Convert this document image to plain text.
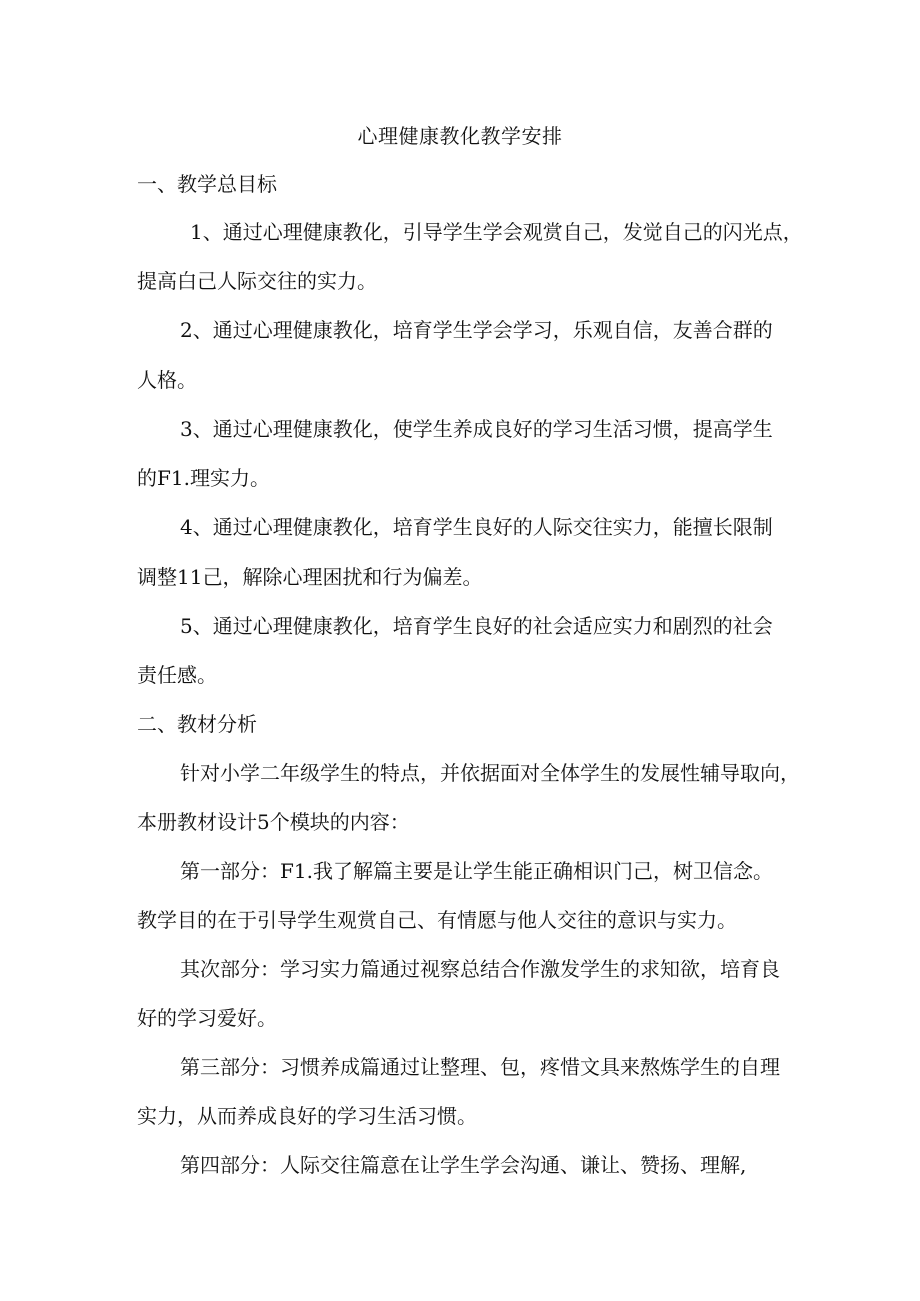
心理健康教化教学安排
一、教学总目标
1、通过心理健康教化，引导学生学会观赏自己，发觉自己的闪光点，
提高白己人际交往的实力。
2、通过心理健康教化，培育学生学会学习，乐观自信，友善合群的
人格。
3、通过心理健康教化，使学生养成良好的学习生活习惯，提高学生
的F1.理实力。
4、通过心理健康教化，培育学生良好的人际交往实力，能擅长限制
调整11己，解除心理困扰和行为偏差。
5、通过心理健康教化，培育学生良好的社会适应实力和剧烈的社会
责任感。
二、教材分析
针对小学二年级学生的特点，并依据面对全体学生的发展性辅导取向，
本册教材设计5个模块的内容：
第一部分：F1.我了解篇主要是让学生能正确相识门己，树卫信念。
教学目的在于引导学生观赏自己、有情愿与他人交往的意识与实力。
其次部分：学习实力篇通过视察总结合作激发学生的求知欲，培育良
好的学习爱好。
第三部分：习惯养成篇通过让整理、包，疼惜文具来熬炼学生的自理
实力，从而养成良好的学习生活习惯。
第四部分：人际交往篇意在让学生学会沟通、谦让、赞扬、理解,
